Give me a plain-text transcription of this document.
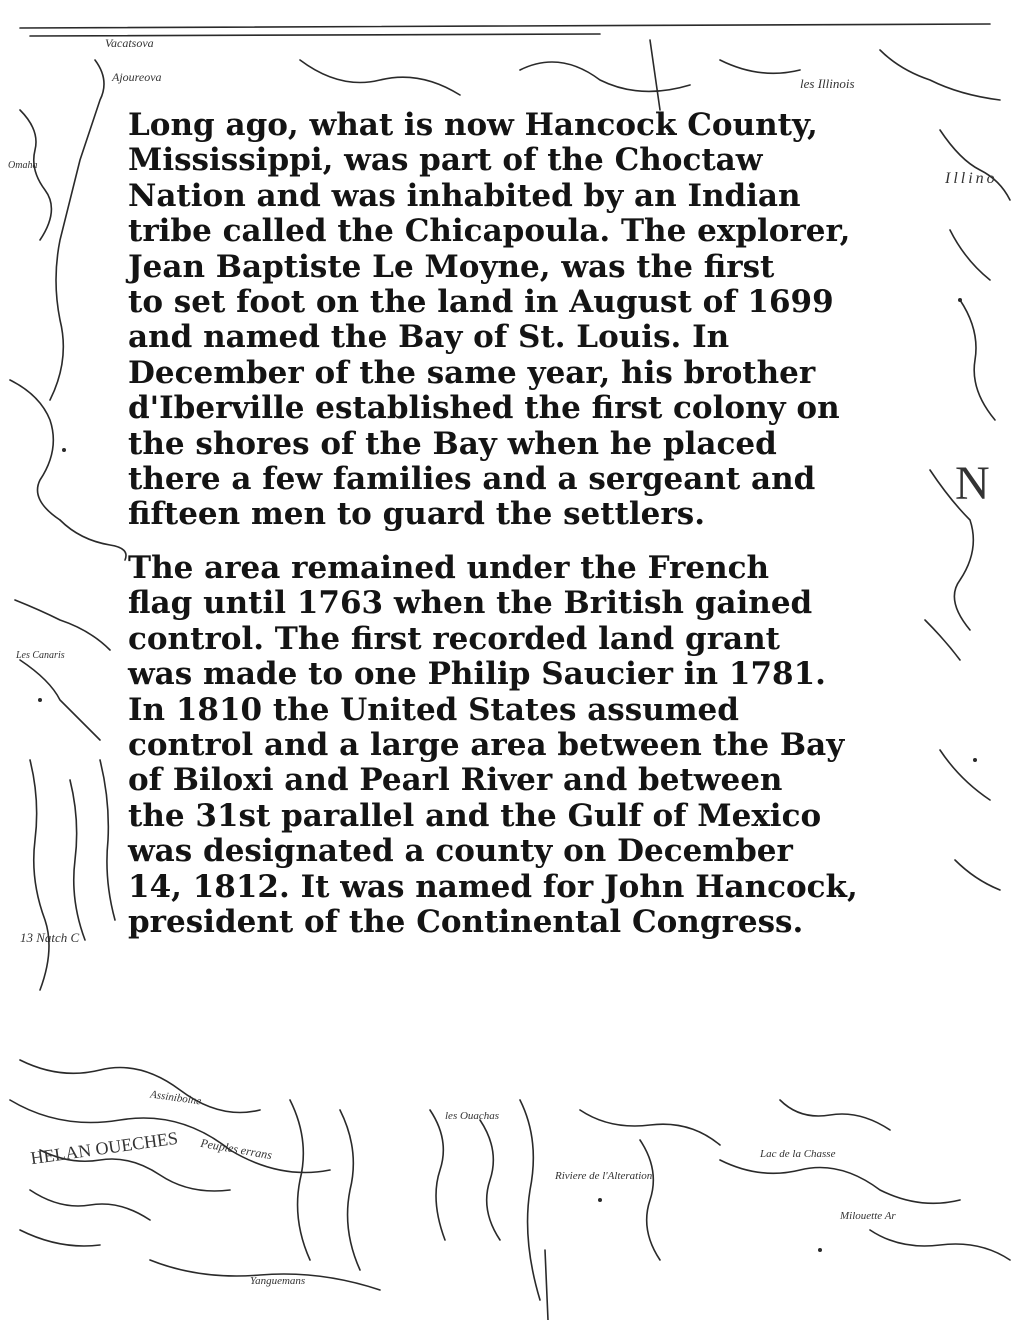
Vacatsova
Ajoureova	les Illinois
Omaha
Les Canaris
Illino
N
13 Natch C
HELAN OUECHES Peuples errans
les Ouachas
Assiniboine
Riviere de l'Alteration
Lac de la Chasse
Milouette Ar
Yanguemans
Long ago, what is now Hancock County,
Mississippi, was part of the Choctaw
Nation and was inhabited by an Indian
tribe called the Chicapoula. The explorer,
Jean Baptiste Le Moyne, was the first
to set foot on the land in August of 1699
and named the Bay of St. Louis. In
December of the same year, his brother
d'Iberville established the first colony on
the shores of the Bay when he placed
there a few families and a sergeant and
fifteen men to guard the settlers.
The area remained under the French
flag until 1763 when the British gained
control. The first recorded land grant
was made to one Philip Saucier in 1781.
In 1810 the United States assumed
control and a large area between the Bay
of Biloxi and Pearl River and between
the 31st parallel and the Gulf of Mexico
was designated a county on December
14, 1812. It was named for John Hancock,
president of the Continental Congress.
